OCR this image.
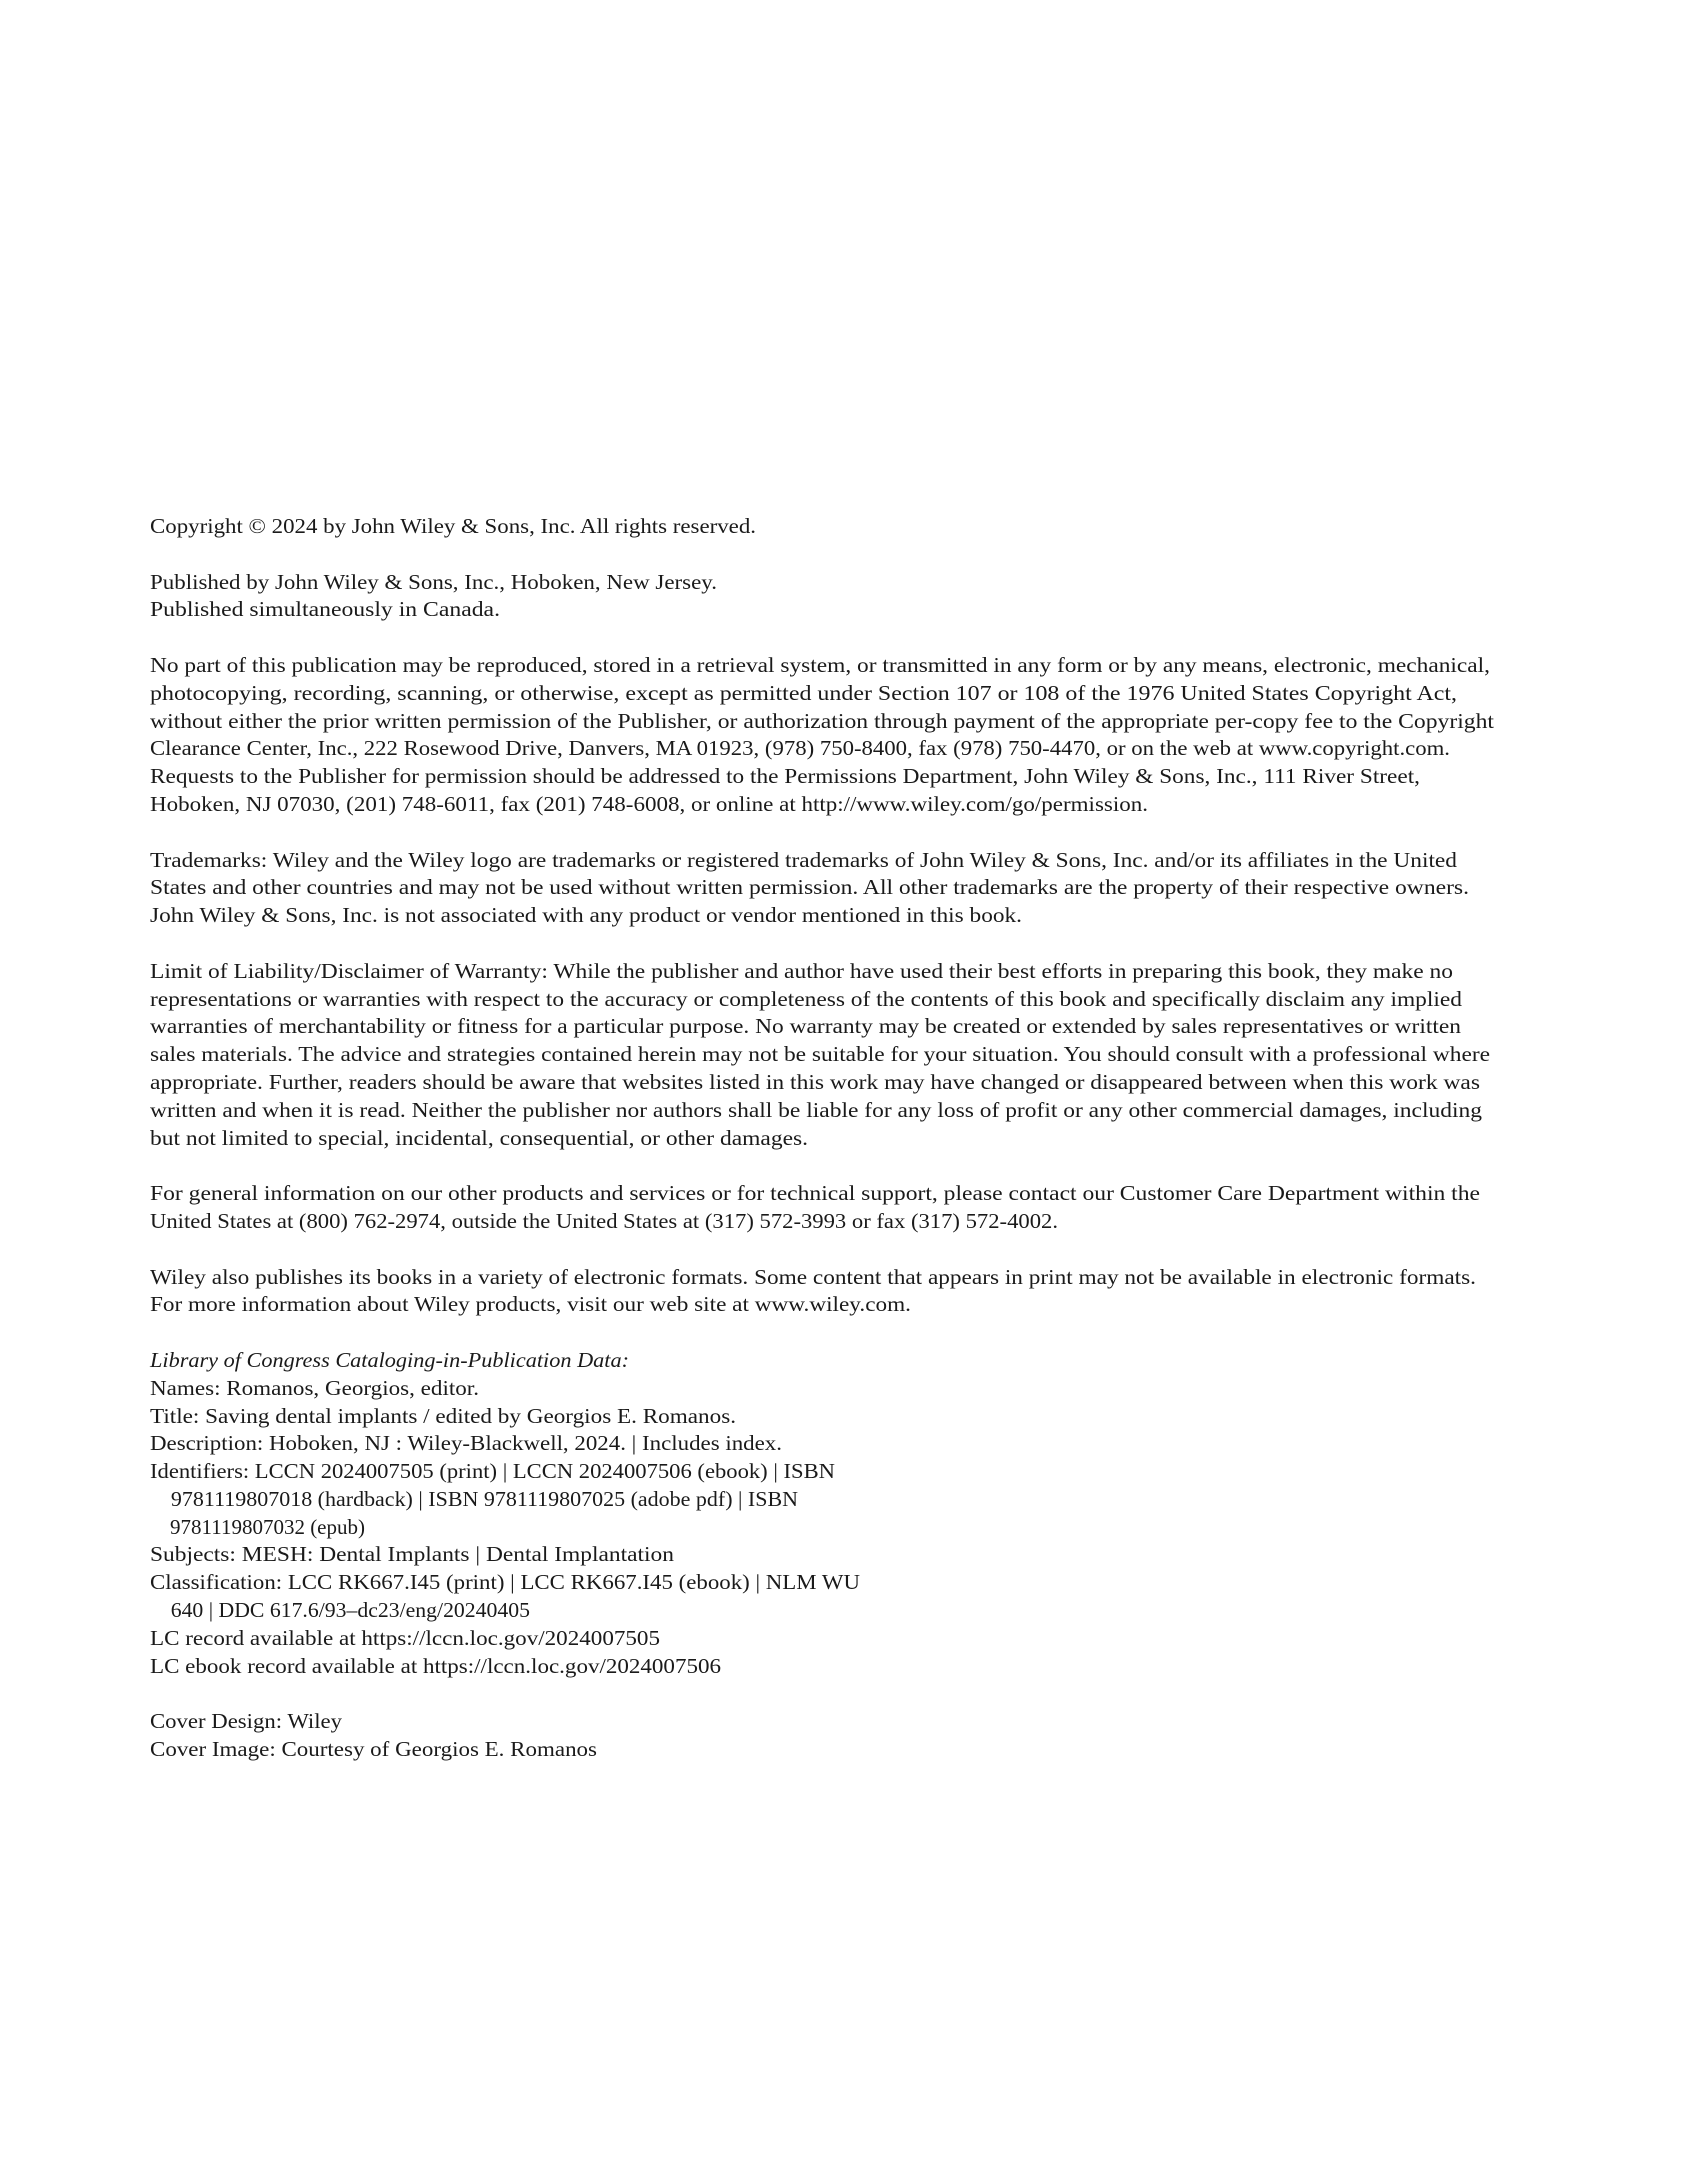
Copyright © 2024 by John Wiley & Sons, Inc. All rights reserved.
Published by John Wiley & Sons, Inc., Hoboken, New Jersey.
Published simultaneously in Canada.
No part of this publication may be reproduced, stored in a retrieval system, or transmitted in any form or by any means, electronic, mechanical,
photocopying, recording, scanning, or otherwise, except as permitted under Section 107 or 108 of the 1976 United States Copyright Act,
without either the prior written permission of the Publisher, or authorization through payment of the appropriate per-copy fee to the Copyright
Clearance Center, Inc., 222 Rosewood Drive, Danvers, MA 01923, (978) 750-8400, fax (978) 750-4470, or on the web at www.copyright.com.
Requests to the Publisher for permission should be addressed to the Permissions Department, John Wiley & Sons, Inc., 111 River Street,
Hoboken, NJ 07030, (201) 748-6011, fax (201) 748-6008, or online at http://www.wiley.com/go/permission.
Trademarks: Wiley and the Wiley logo are trademarks or registered trademarks of John Wiley & Sons, Inc. and/or its affiliates in the United
States and other countries and may not be used without written permission. All other trademarks are the property of their respective owners.
John Wiley & Sons, Inc. is not associated with any product or vendor mentioned in this book.
Limit of Liability/Disclaimer of Warranty: While the publisher and author have used their best efforts in preparing this book, they make no
representations or warranties with respect to the accuracy or completeness of the contents of this book and specifically disclaim any implied
warranties of merchantability or fitness for a particular purpose. No warranty may be created or extended by sales representatives or written
sales materials. The advice and strategies contained herein may not be suitable for your situation. You should consult with a professional where
appropriate. Further, readers should be aware that websites listed in this work may have changed or disappeared between when this work was
written and when it is read. Neither the publisher nor authors shall be liable for any loss of profit or any other commercial damages, including
but not limited to special, incidental, consequential, or other damages.
For general information on our other products and services or for technical support, please contact our Customer Care Department within the
United States at (800) 762-2974, outside the United States at (317) 572-3993 or fax (317) 572-4002.
Wiley also publishes its books in a variety of electronic formats. Some content that appears in print may not be available in electronic formats.
For more information about Wiley products, visit our web site at www.wiley.com.
Library of Congress Cataloging-in-Publication Data:
Names: Romanos, Georgios, editor.
Title: Saving dental implants / edited by Georgios E. Romanos.
Description: Hoboken, NJ : Wiley-Blackwell, 2024. | Includes index.
Identifiers: LCCN 2024007505 (print) | LCCN 2024007506 (ebook) | ISBN
9781119807018 (hardback) | ISBN 9781119807025 (adobe pdf) | ISBN
9781119807032 (epub)
Subjects: MESH: Dental Implants | Dental Implantation
Classification: LCC RK667.I45 (print) | LCC RK667.I45 (ebook) | NLM WU
640 | DDC 617.6/93–dc23/eng/20240405
LC record available at https://lccn.loc.gov/2024007505
LC ebook record available at https://lccn.loc.gov/2024007506
Cover Design: Wiley
Cover Image: Courtesy of Georgios E. Romanos
